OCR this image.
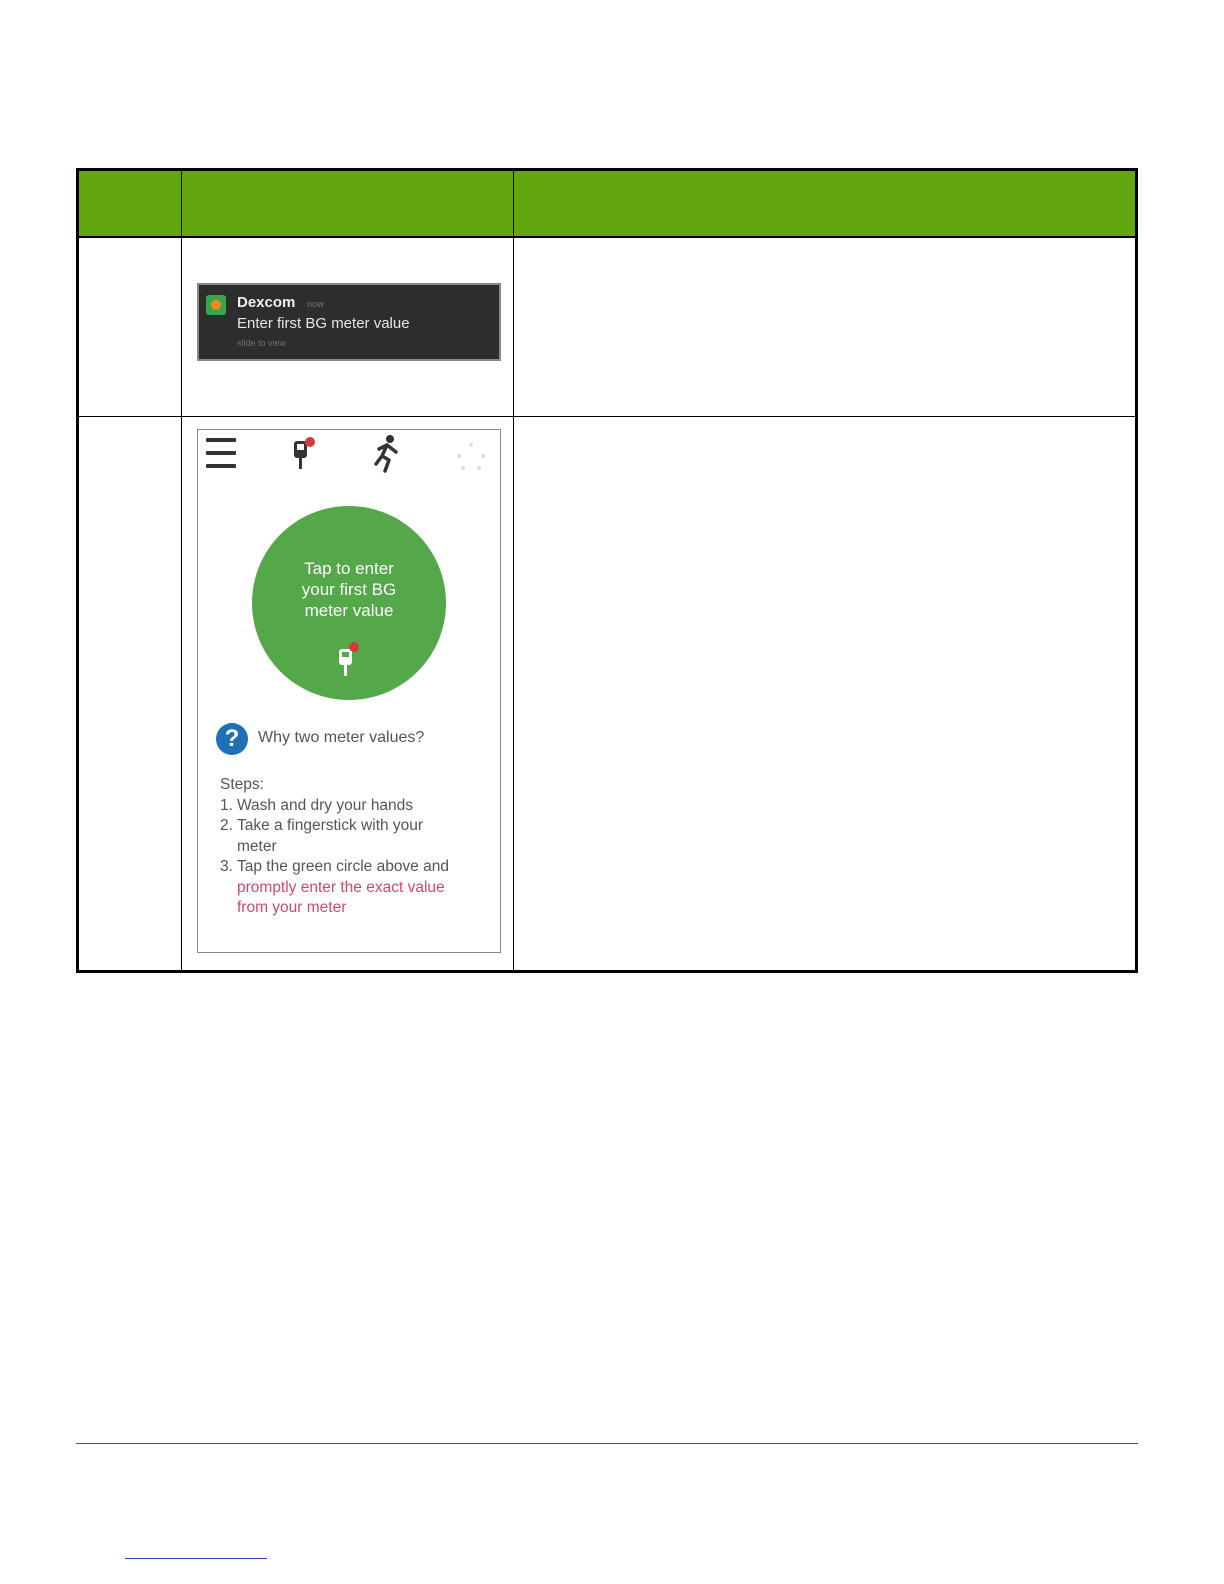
Dexcom now
Enter first BG meter value
slide to view
Tap to enter
your first BG
meter value
?	Why two meter values?
Steps:
1. Wash and dry your hands
2. Take a fingerstick with your
meter
3. Tap the green circle above and
promptly enter the exact value
from your meter
